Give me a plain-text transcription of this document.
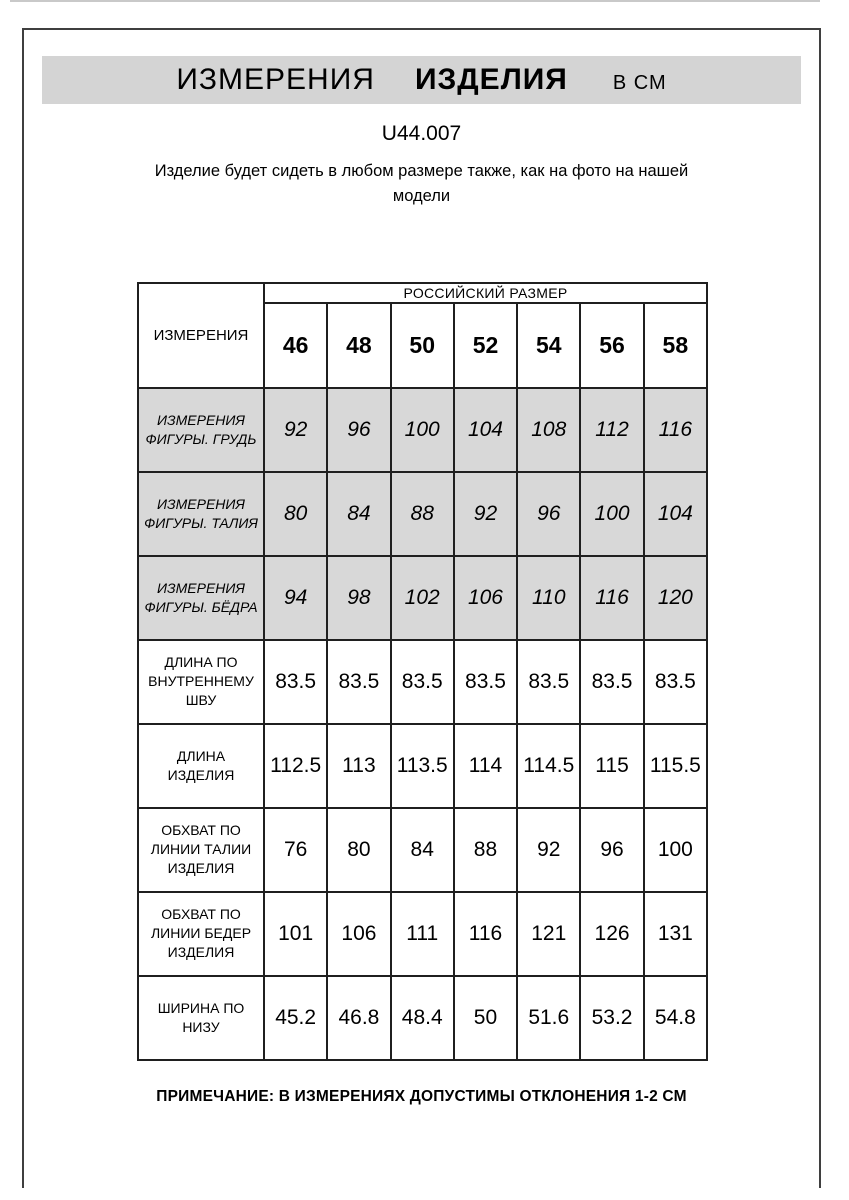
ИЗМЕРЕНИЯ ИЗДЕЛИЯ В СМ
U44.007

Изделие будет сидеть в любом размере также, как на фото на нашей модели

ИЗМЕРЕНИЯ	РОССИЙСКИЙ РАЗМЕР						
	46	48	50	52	54	56	58
ИЗМЕРЕНИЯ ФИГУРЫ. ГРУДЬ	92	96	100	104	108	112	116
ИЗМЕРЕНИЯ ФИГУРЫ. ТАЛИЯ	80	84	88	92	96	100	104
ИЗМЕРЕНИЯ ФИГУРЫ. БЁДРА	94	98	102	106	110	116	120
ДЛИНА ПО ВНУТРЕННЕМУ ШВУ	83.5	83.5	83.5	83.5	83.5	83.5	83.5
ДЛИНА ИЗДЕЛИЯ	112.5	113	113.5	114	114.5	115	115.5
ОБХВАТ ПО ЛИНИИ ТАЛИИ ИЗДЕЛИЯ	76	80	84	88	92	96	100
ОБХВАТ ПО ЛИНИИ БЕДЕР ИЗДЕЛИЯ	101	106	111	116	121	126	131
ШИРИНА ПО НИЗУ	45.2	46.8	48.4	50	51.6	53.2	54.8
ПРИМЕЧАНИЕ: В ИЗМЕРЕНИЯХ ДОПУСТИМЫ ОТКЛОНЕНИЯ 1-2 СМ
